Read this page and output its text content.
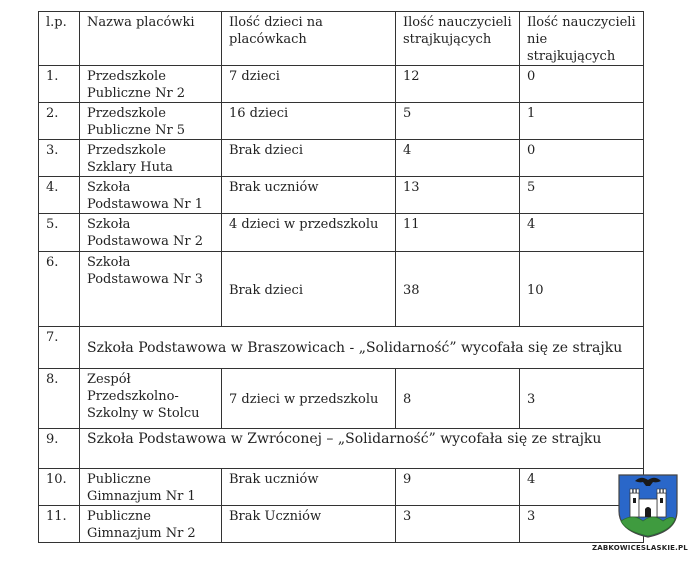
l.p.	Nazwa placówki	Ilość dzieci na placówkach	Ilość nauczycieli strajkujących	Ilość nauczycieli nie strajkujących
1.	Przedszkole Publiczne Nr 2	7 dzieci	12	0
2.	Przedszkole Publiczne Nr 5	16 dzieci	5	1
3.	Przedszkole Szklary Huta	Brak dzieci	4	0
4.	Szkoła Podstawowa Nr 1	Brak uczniów	13	5
5.	Szkoła Podstawowa Nr 2	4 dzieci w przedszkolu	11	4
6.	Szkoła Podstawowa Nr 3	Brak dzieci	38	10
7.	Szkoła Podstawowa w Braszowicach - „Solidarność” wycofała się ze strajku			
8.	Zespół Przedszkolno-Szkolny w Stolcu	7 dzieci w przedszkolu	8	3
9.	Szkoła Podstawowa w Zwróconej – „Solidarność” wycofała się ze strajku			
10.	Publiczne Gimnazjum Nr 1	Brak uczniów	9	4
11.	Publiczne Gimnazjum Nr 2	Brak Uczniów	3	3
ZABKOWICESLASKIE.PL
